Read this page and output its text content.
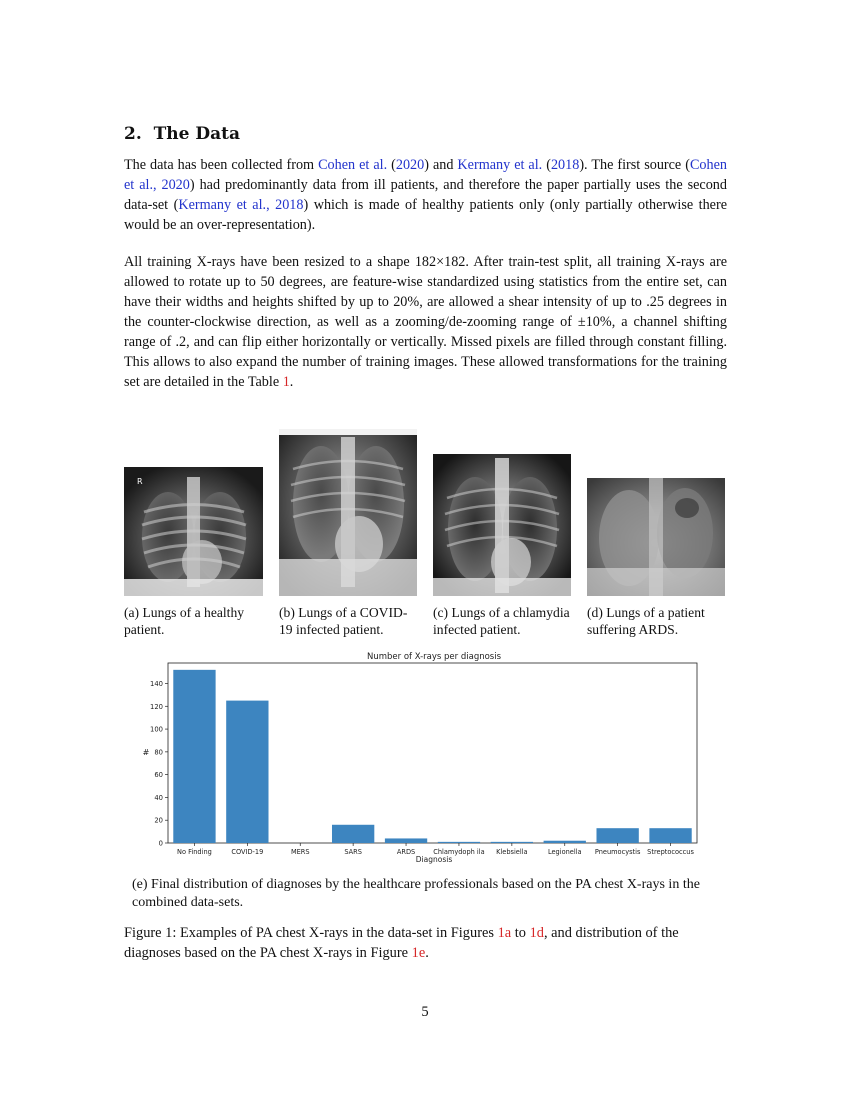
2. The Data

The data has been collected from Cohen et al. (2020) and Kermany et al. (2018). The first source (Cohen et al., 2020) had predominantly data from ill patients, and therefore the paper partially uses the second data-set (Kermany et al., 2018) which is made of healthy patients only (only partially otherwise there would be an over-representation).

All training X-rays have been resized to a shape 182×182. After train-test split, all training X-rays are allowed to rotate up to 50 degrees, are feature-wise standardized using statistics from the entire set, can have their widths and heights shifted by up to 20%, are allowed a shear intensity of up to .25 degrees in the counter-clockwise direction, as well as a zooming/de-zooming range of ±10%, a channel shifting range of .2, and can flip either horizontally or vertically. Missed pixels are filled through constant filling. This allows to also expand the number of training images. These allowed transformations for the training set are detailed in the Table 1.

R
(a) Lungs of a healthy patient.
(b) Lungs of a COVID-19 infected patient.
(c) Lungs of a chlamydia infected patient.
(d) Lungs of a patient suffering ARDS.
Number of X-rays per diagnosis
0
20
40
60
80
100
120
140
No Finding	COVID-19	MERS	SARS	ARDS	Chlamydoph ila Klebsiella	Legionella Pneumocystis Streptococcus
Diagnosis
#

(e) Final distribution of diagnoses by the healthcare professionals based on the PA chest X-rays in the combined data-sets.

Figure 1: Examples of PA chest X-rays in the data-set in Figures 1a to 1d, and distribution of the diagnoses based on the PA chest X-rays in Figure 1e.

5
